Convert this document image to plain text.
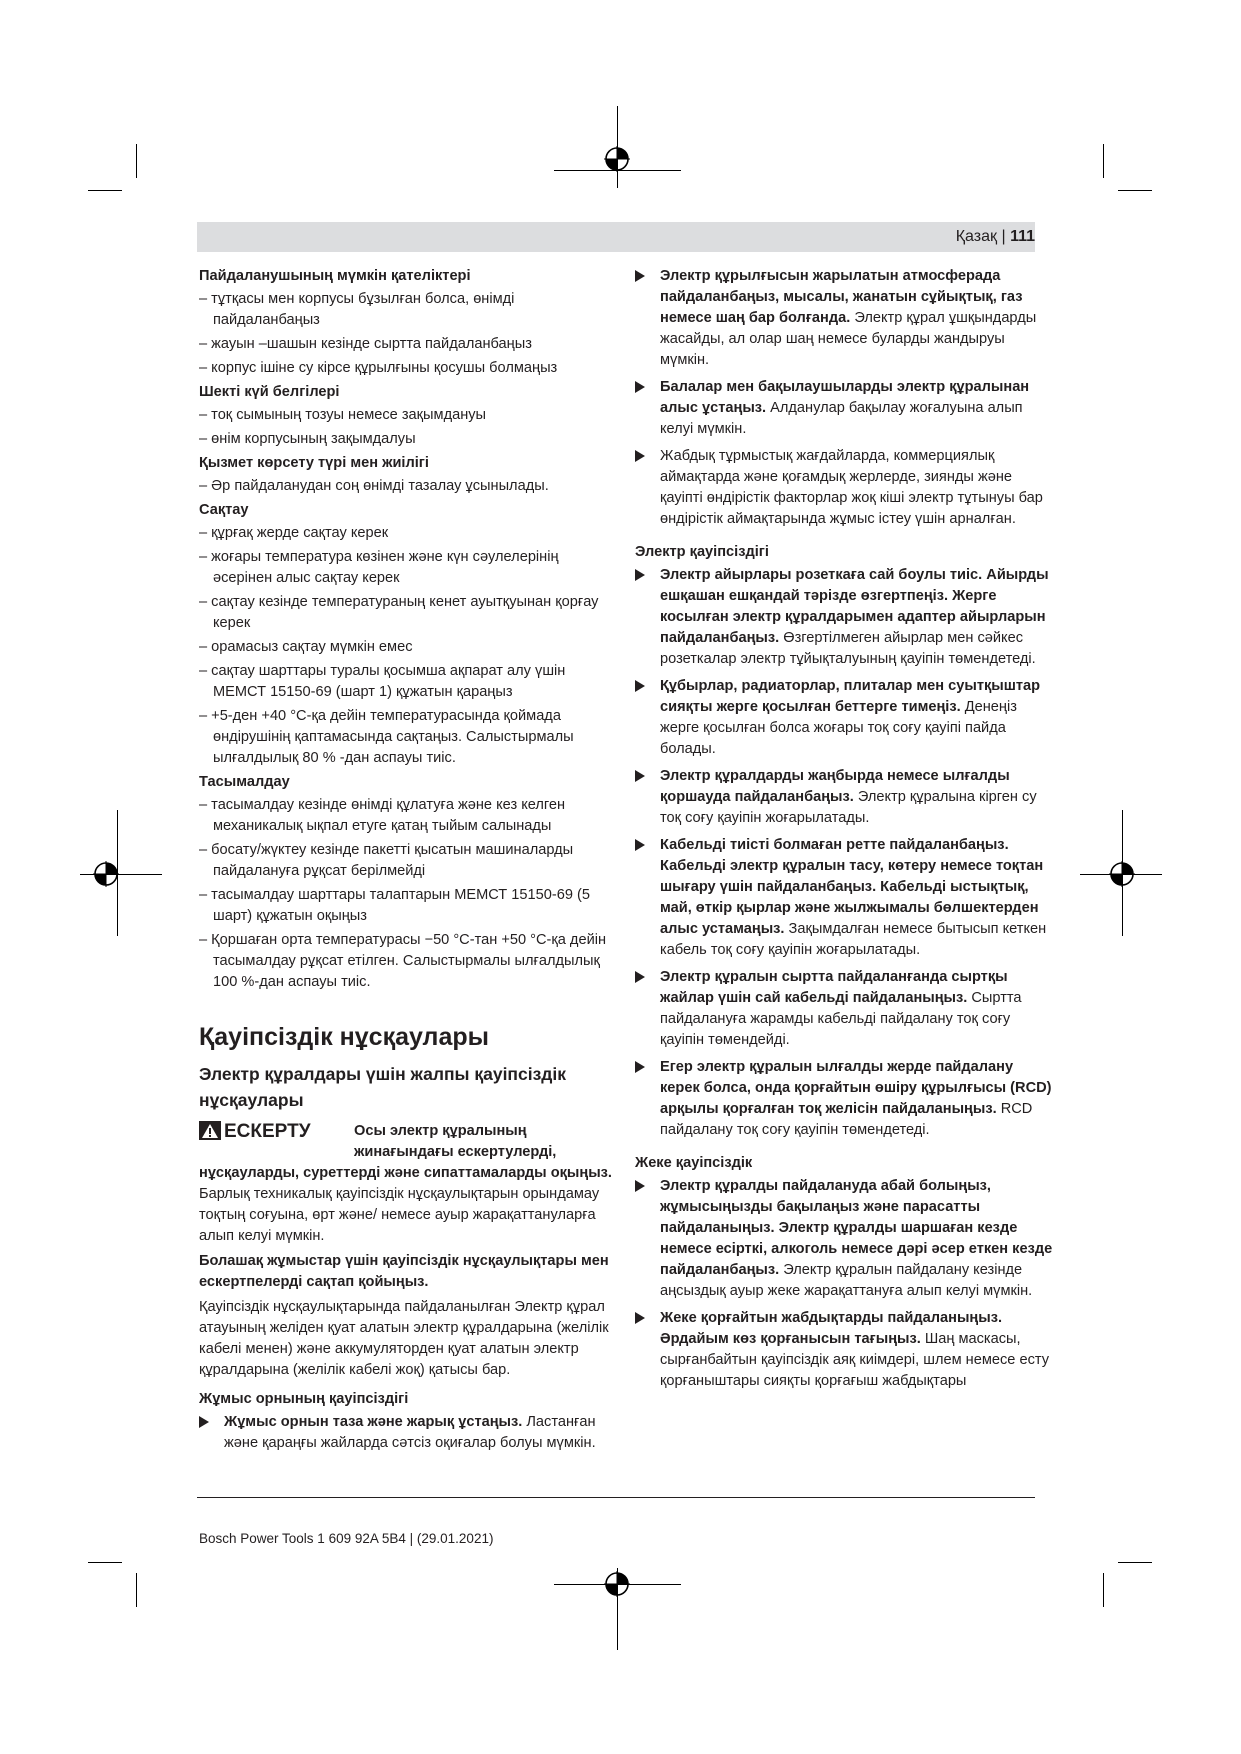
Қазақ | 111
Пайдаланушының мүмкін қателіктері
– тұтқасы мен корпусы бұзылған болса, өнімді пайдаланбаңыз
– жауын –шашын кезінде сыртта пайдаланбаңыз
– корпус ішіне су кірсе құрылғыны қосушы болмаңыз
Шекті күй белгілері
– тоқ сымының тозуы немесе зақымдануы
– өнім корпусының зақымдалуы
Қызмет көрсету түрі мен жиілігі
– Әр пайдаланудан соң өнімді тазалау ұсынылады.
Сақтау
– құрғақ жерде сақтау керек
– жоғары температура көзінен және күн сәулелерінің әсерінен алыс сақтау керек
– сақтау кезінде температураның кенет ауытқуынан қорғау керек
– орамасыз сақтау мүмкін емес
– сақтау шарттары туралы қосымша ақпарат алу үшін МЕМСТ 15150-69 (шарт 1) құжатын қараңыз
– +5-ден +40 °C-қа дейін температурасында қоймада өндірушінің қаптамасында сақтаңыз. Салыстырмалы ылғалдылық 80 % -дан аспауы тиіс.
Тасымалдау
– тасымалдау кезінде өнімді құлатуға және кез келген механикалық ықпал етуге қатаң тыйым салынады
– босату/жүктеу кезінде пакетті қысатын машиналарды пайдалануға рұқсат берілмейді
– тасымалдау шарттары талаптарын МЕМСТ 15150-69 (5 шарт) құжатын оқыңыз
– Қоршаған орта температурасы −50 °C-тан +50 °C-қа дейін тасымалдау рұқсат етілген. Салыстырмалы ылғалдылық 100 %-дан аспауы тиіс.
Қауіпсіздік нұсқаулары
Электр құралдары үшін жалпы қауіпсіздік нұсқаулары
ЕСКЕРТУ	Осы электр құралының жинағындағы ескертулерді, нұсқауларды, суреттерді және сипаттамаларды оқыңыз. Барлық техникалық қауіпсіздік нұсқаулықтарын орындамау тоқтың соғуына, өрт және/ немесе ауыр жарақаттануларға алып келуі мүмкін.
Болашақ жұмыстар үшін қауіпсіздік нұсқаулықтары мен ескертпелерді сақтап қойыңыз.
Қауіпсіздік нұсқаулықтарында пайдаланылған Электр құрал атауының желіден қуат алатын электр құралдарына (желілік кабелі менен) және аккумуляторден қуат алатын электр құралдарына (желілік кабелі жоқ) қатысы бар.
Жұмыс орнының қауіпсіздігі
Жұмыс орнын таза және жарық ұстаңыз. Ластанған және қараңғы жайларда сәтсіз оқиғалар болуы мүмкін.
Электр құрылғысын жарылатын атмосферада пайдаланбаңыз, мысалы, жанатын сұйықтық, газ немесе шаң бар болғанда. Электр құрал ұшқындарды жасайды, ал олар шаң немесе буларды жандыруы мүмкін.
Балалар мен бақылаушыларды электр құралынан алыс ұстаңыз. Алданулар бақылау жоғалуына алып келуі мүмкін.
Жабдық тұрмыстық жағдайларда, коммерциялық аймақтарда және қоғамдық жерлерде, зиянды және қауіпті өндірістік факторлар жоқ кіші электр тұтынуы бар өндірістік аймақтарында жұмыс істеу үшін арналған.
Электр қауіпсіздігі
Электр айырлары розеткаға сай боулы тиіс. Айырды ешқашан ешқандай тәрізде өзгертпеңіз. Жерге косылған электр құралдарымен адаптер айырларын пайдаланбаңыз. Өзгертілмеген айырлар мен сәйкес розеткалар электр тұйықталуының қауіпін төмендетеді.
Құбырлар, радиаторлар, плиталар мен суытқыштар сияқты жерге қосылған беттерге тимеңіз. Денеңіз жерге қосылған болса жоғары тоқ соғу қауіпі пайда болады.
Электр құралдарды жаңбырда немесе ылғалды қоршауда пайдаланбаңыз. Электр құралына кірген су тоқ соғу қауіпін жоғарылатады.
Кабельді тиісті болмаған ретте пайдаланбаңыз. Кабельді электр құралын тасу, көтеру немесе тоқтан шығару үшін пайдаланбаңыз. Кабельді ыстықтық, май, өткір қырлар және жылжымалы бөлшектерден алыс устамаңыз. Зақымдалған немесе бытысып кеткен кабель тоқ соғу қауіпін жоғарылатады.
Электр құралын сыртта пайдаланғанда сыртқы жайлар үшін сай кабельді пайдаланыңыз. Сыртта пайдалануға жарамды кабельді пайдалану тоқ соғу қауіпін төмендейді.
Егер электр құралын ылғалды жерде пайдалану керек болса, онда қорғайтын өшіру құрылғысы (RCD) арқылы қорғалған тоқ желісін пайдаланыңыз. RCD пайдалану тоқ соғу қауіпін төмендетеді.
Жеке қауіпсіздік
Электр құралды пайдалануда абай болыңыз, жұмысыңызды бақылаңыз және парасатты пайдаланыңыз. Электр құралды шаршаған кезде немесе есірткі, алкоголь немесе дәрі әсер еткен кезде пайдаланбаңыз. Электр құралын пайдалану кезінде аңсыздық ауыр жеке жарақаттануға алып келуі мүмкін.
Жеке қорғайтын жабдықтарды пайдаланыңыз. Әрдайым көз қорғанысын тағыңыз. Шаң маскасы, сырғанбайтын қауіпсіздік аяқ киімдері, шлем немесе есту қорғаныштары сияқты қорғағыш жабдықтары
Bosch Power Tools 1 609 92A 5B4 | (29.01.2021)
